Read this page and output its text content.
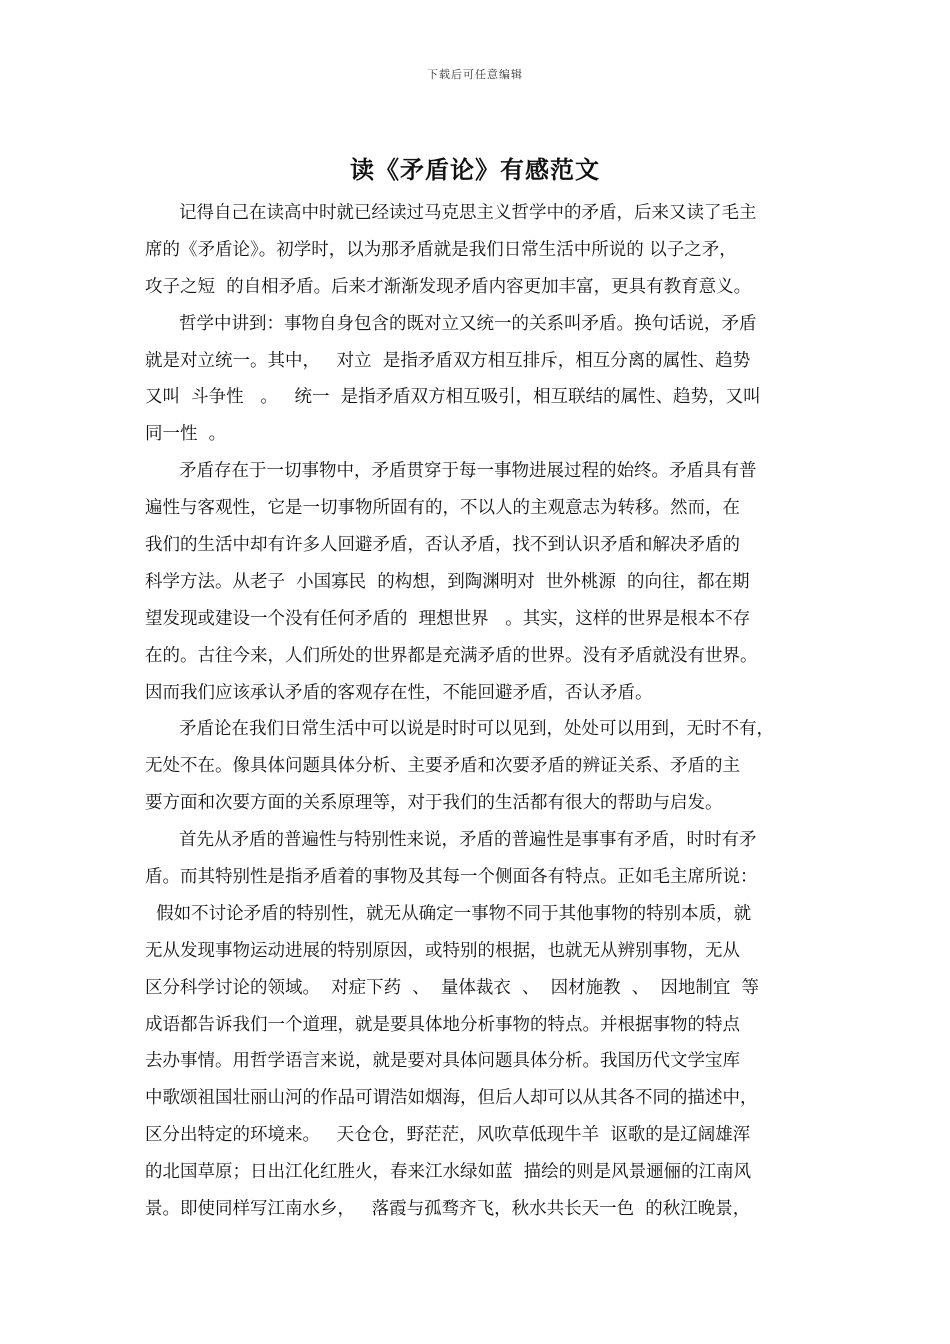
下载后可任意编辑
读《矛盾论》有感范文
记得自己在读高中时就已经读过马克思主义哲学中的矛盾，后来又读了毛主
席的《矛盾论》。初学时，以为那矛盾就是我们日常生活中所说的 以子之矛，
攻子之短  的自相矛盾。后来才渐渐发现矛盾内容更加丰富，更具有教育意义。
哲学中讲到：事物自身包含的既对立又统一的关系叫矛盾。换句话说，矛盾
就是对立统一。其中，   对立  是指矛盾双方相互排斥，相互分离的属性、趋势
又叫  斗争性   。   统一  是指矛盾双方相互吸引，相互联结的属性、趋势，又叫
同一性  。
矛盾存在于一切事物中，矛盾贯穿于每一事物进展过程的始终。矛盾具有普
遍性与客观性，它是一切事物所固有的，不以人的主观意志为转移。然而，在
我们的生活中却有许多人回避矛盾，否认矛盾，找不到认识矛盾和解决矛盾的
科学方法。从老子  小国寡民  的构想，到陶渊明对  世外桃源  的向往，都在期
望发现或建设一个没有任何矛盾的  理想世界   。其实，这样的世界是根本不存
在的。古往今来，人们所处的世界都是充满矛盾的世界。没有矛盾就没有世界。
因而我们应该承认矛盾的客观存在性，不能回避矛盾，否认矛盾。
矛盾论在我们日常生活中可以说是时时可以见到，处处可以用到，无时不有，
无处不在。像具体问题具体分析、主要矛盾和次要矛盾的辨证关系、矛盾的主
要方面和次要方面的关系原理等，对于我们的生活都有很大的帮助与启发。
首先从矛盾的普遍性与特别性来说，矛盾的普遍性是事事有矛盾，时时有矛
盾。而其特别性是指矛盾着的事物及其每一个侧面各有特点。正如毛主席所说：
假如不讨论矛盾的特别性，就无从确定一事物不同于其他事物的特别本质，就
无从发现事物运动进展的特别原因，或特别的根据，也就无从辨别事物，无从
区分科学讨论的领域。  对症下药  、  量体裁衣  、  因材施教  、  因地制宜  等
成语都告诉我们一个道理，就是要具体地分析事物的特点。并根据事物的特点
去办事情。用哲学语言来说，就是要对具体问题具体分析。我国历代文学宝库
中歌颂祖国壮丽山河的作品可谓浩如烟海，但后人却可以从其各不同的描述中，
区分出特定的环境来。   天仓仓，野茫茫，风吹草低现牛羊  讴歌的是辽阔雄浑
的北国草原；日出江化红胜火，春来江水绿如蓝  描绘的则是风景逦俪的江南风
景。即使同样写江南水乡，   落霞与孤骛齐飞，秋水共长天一色  的秋江晚景，
